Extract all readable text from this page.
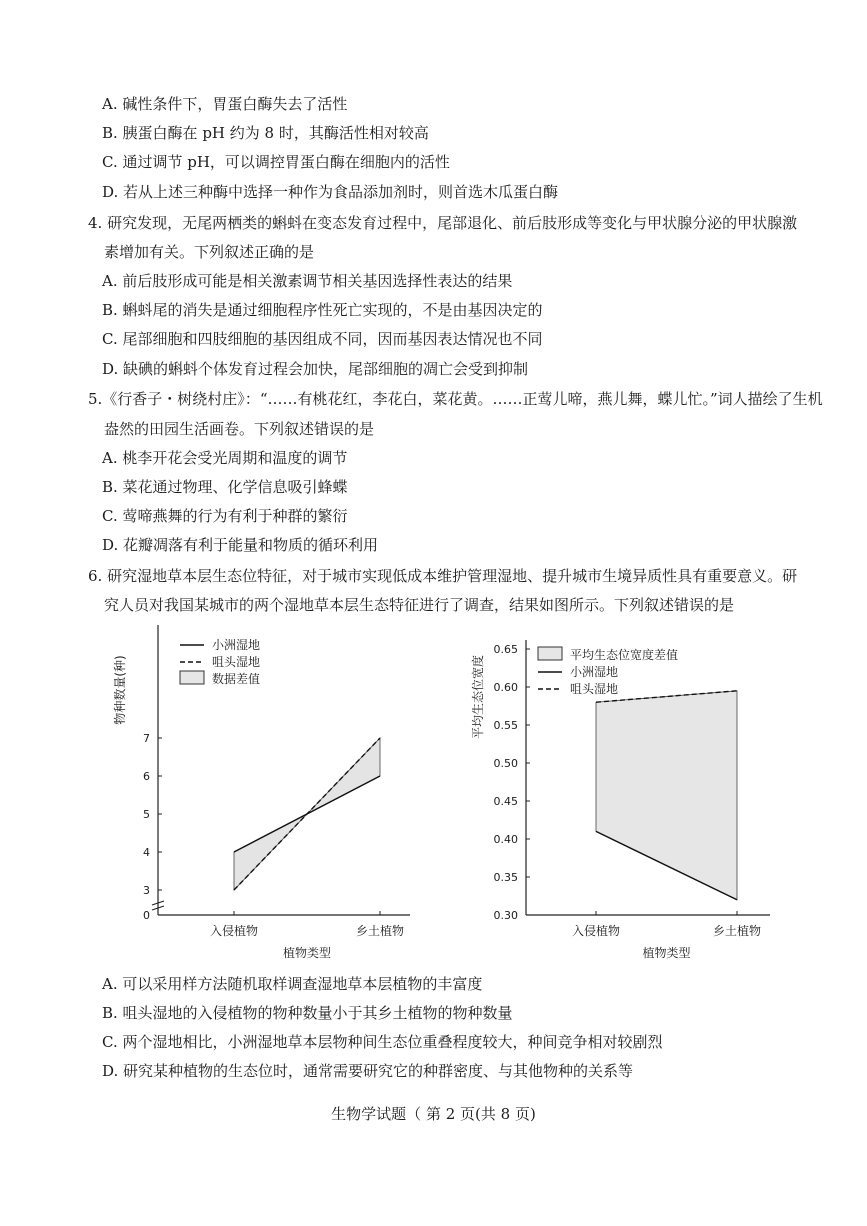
A. 碱性条件下，胃蛋白酶失去了活性
B. 胰蛋白酶在 pH 约为 8 时，其酶活性相对较高
C. 通过调节 pH，可以调控胃蛋白酶在细胞内的活性
D. 若从上述三种酶中选择一种作为食品添加剂时，则首选木瓜蛋白酶
4. 研究发现，无尾两栖类的蝌蚪在变态发育过程中，尾部退化、前后肢形成等变化与甲状腺分泌的甲状腺激
素增加有关。下列叙述正确的是
A. 前后肢形成可能是相关激素调节相关基因选择性表达的结果
B. 蝌蚪尾的消失是通过细胞程序性死亡实现的，不是由基因决定的
C. 尾部细胞和四肢细胞的基因组成不同，因而基因表达情况也不同
D. 缺碘的蝌蚪个体发育过程会加快，尾部细胞的凋亡会受到抑制
5.《行香子・树绕村庄》：“……有桃花红，李花白，菜花黄。……正莺儿啼，燕儿舞，蝶儿忙。”词人描绘了生机
盎然的田园生活画卷。下列叙述错误的是
A. 桃李开花会受光周期和温度的调节
B. 菜花通过物理、化学信息吸引蜂蝶
C. 莺啼燕舞的行为有利于种群的繁衍
D. 花瓣凋落有利于能量和物质的循环利用
6. 研究湿地草本层生态位特征，对于城市实现低成本维护管理湿地、提升城市生境异质性具有重要意义。研
究人员对我国某城市的两个湿地草本层生态特征进行了调查，结果如图所示。下列叙述错误的是
0
3
4
5
6
7
入侵植物	乡土植物
植物类型
物种数量(种)
小洲湿地
咀头湿地
数据差值
0.30
0.35
0.40
0.45
0.50
0.55
0.60
0.65
入侵植物	乡土植物
植物类型
平均生态位宽度	平均生态位宽度差值
小洲湿地
咀头湿地
A. 可以采用样方法随机取样调查湿地草本层植物的丰富度
B. 咀头湿地的入侵植物的物种数量小于其乡土植物的物种数量
C. 两个湿地相比，小洲湿地草本层物种间生态位重叠程度较大，种间竞争相对较剧烈
D. 研究某种植物的生态位时，通常需要研究它的种群密度、与其他物种的关系等
生物学试题（ 第 2 页(共 8 页)
